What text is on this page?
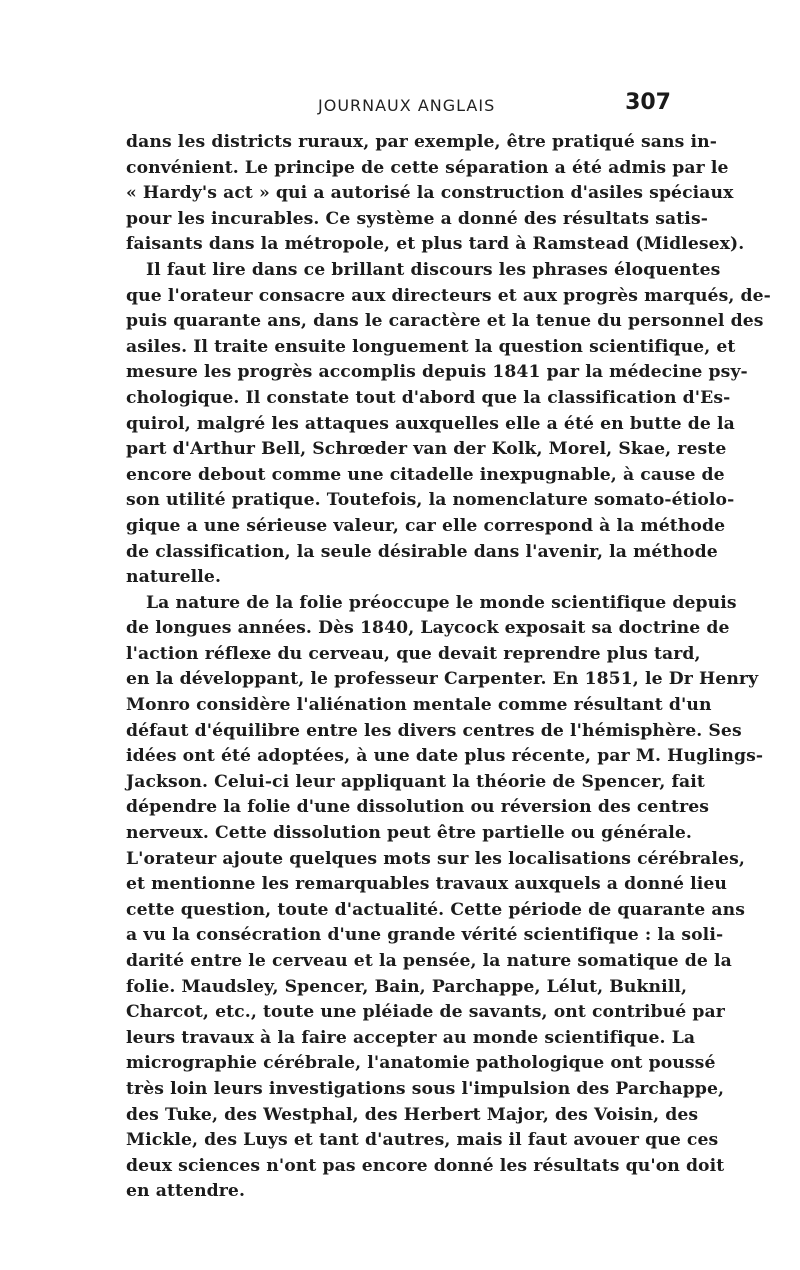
JOURNAUX ANGLAIS	307
dans les districts ruraux, par exemple, être pratiqué sans in-
convénient. Le principe de cette séparation a été admis par le
« Hardy's act » qui a autorisé la construction d'asiles spéciaux
pour les incurables. Ce système a donné des résultats satis-
faisants dans la métropole, et plus tard à Ramstead (Midlesex).
Il faut lire dans ce brillant discours les phrases éloquentes
que l'orateur consacre aux directeurs et aux progrès marqués, de-
puis quarante ans, dans le caractère et la tenue du personnel des
asiles. Il traite ensuite longuement la question scientifique, et
mesure les progrès accomplis depuis 1841 par la médecine psy-
chologique. Il constate tout d'abord que la classification d'Es-
quirol, malgré les attaques auxquelles elle a été en butte de la
part d'Arthur Bell, Schrœder van der Kolk, Morel, Skae, reste
encore debout comme une citadelle inexpugnable, à cause de
son utilité pratique. Toutefois, la nomenclature somato-étiolo-
gique a une sérieuse valeur, car elle correspond à la méthode
de classification, la seule désirable dans l'avenir, la méthode
naturelle.
La nature de la folie préoccupe le monde scientifique depuis
de longues années. Dès 1840, Laycock exposait sa doctrine de
l'action réflexe du cerveau, que devait reprendre plus tard,
en la développant, le professeur Carpenter. En 1851, le Dr Henry
Monro considère l'aliénation mentale comme résultant d'un
défaut d'équilibre entre les divers centres de l'hémisphère. Ses
idées ont été adoptées, à une date plus récente, par M. Huglings-
Jackson. Celui-ci leur appliquant la théorie de Spencer, fait
dépendre la folie d'une dissolution ou réversion des centres
nerveux. Cette dissolution peut être partielle ou générale.
L'orateur ajoute quelques mots sur les localisations cérébrales,
et mentionne les remarquables travaux auxquels a donné lieu
cette question, toute d'actualité. Cette période de quarante ans
a vu la consécration d'une grande vérité scientifique : la soli-
darité entre le cerveau et la pensée, la nature somatique de la
folie. Maudsley, Spencer, Bain, Parchappe, Lélut, Buknill,
Charcot, etc., toute une pléiade de savants, ont contribué par
leurs travaux à la faire accepter au monde scientifique. La
micrographie cérébrale, l'anatomie pathologique ont poussé
très loin leurs investigations sous l'impulsion des Parchappe,
des Tuke, des Westphal, des Herbert Major, des Voisin, des
Mickle, des Luys et tant d'autres, mais il faut avouer que ces
deux sciences n'ont pas encore donné les résultats qu'on doit
en attendre.
